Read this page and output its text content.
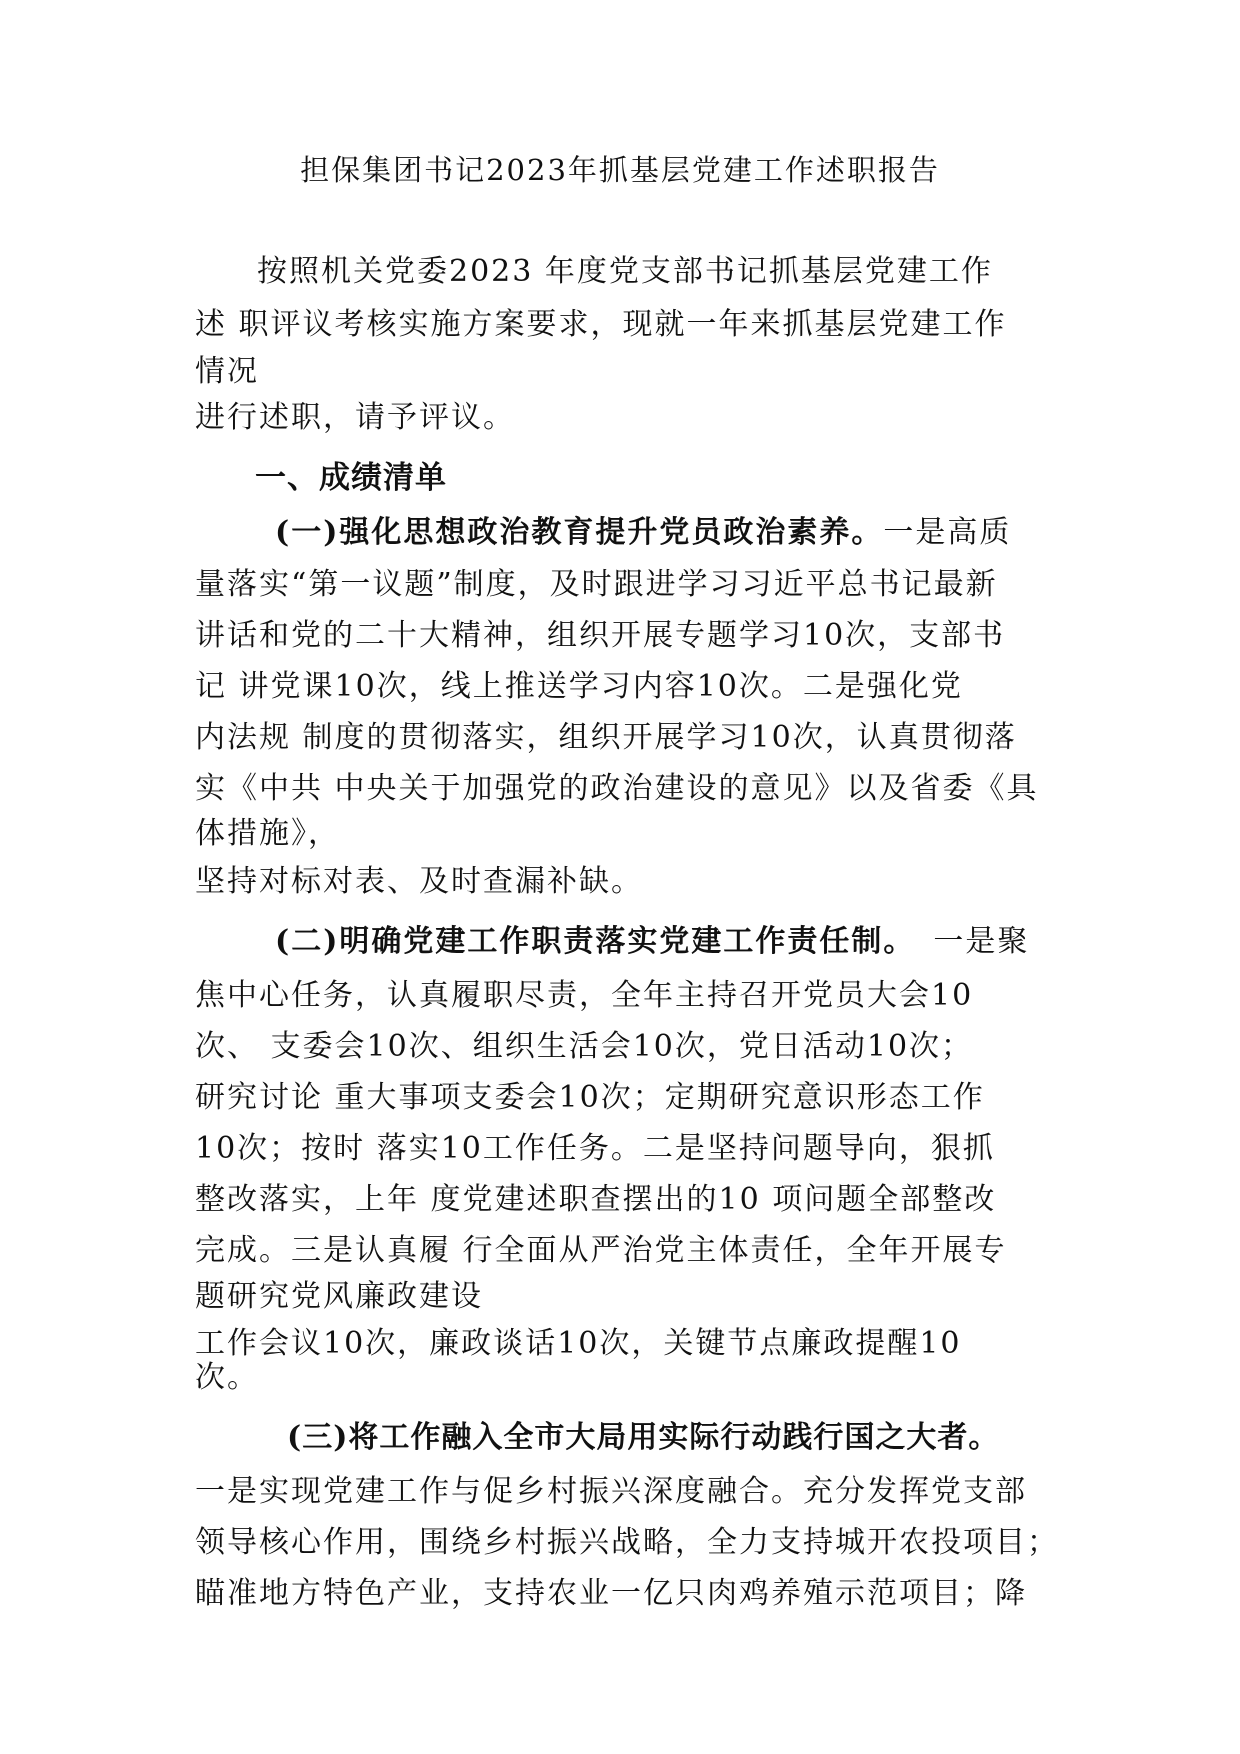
担保集团书记2023年抓基层党建工作述职报告

按照机关党委2023 年度党支部书记抓基层党建工作

述 职评议考核实施方案要求，现就一年来抓基层党建工作

情况

进行述职，请予评议。

一、成绩清单

(一)强化思想政治教育提升党员政治素养。一是高质

量落实“第一议题”制度，及时跟进学习习近平总书记最新

讲话和党的二十大精神，组织开展专题学习10次，支部书

记 讲党课10次，线上推送学习内容10次。二是强化党

内法规 制度的贯彻落实，组织开展学习10次，认真贯彻落

实《中共 中央关于加强党的政治建设的意见》以及省委《具

体措施》，

坚持对标对表、及时查漏补缺。

(二)明确党建工作职责落实党建工作责任制。 一是聚

焦中心任务，认真履职尽责，全年主持召开党员大会10

次、 支委会10次、组织生活会10次，党日活动10次；

研究讨论 重大事项支委会10次；定期研究意识形态工作

10次；按时 落实10工作任务。二是坚持问题导向，狠抓

整改落实，上年 度党建述职查摆出的10 项问题全部整改

完成。三是认真履 行全面从严治党主体责任，全年开展专

题研究党风廉政建设

工作会议10次，廉政谈话10次，关键节点廉政提醒10

次。

(三)将工作融入全市大局用实际行动践行国之大者。

一是实现党建工作与促乡村振兴深度融合。充分发挥党支部

领导核心作用，围绕乡村振兴战略，全力支持城开农投项目；

瞄准地方特色产业，支持农业一亿只肉鸡养殖示范项目；降
